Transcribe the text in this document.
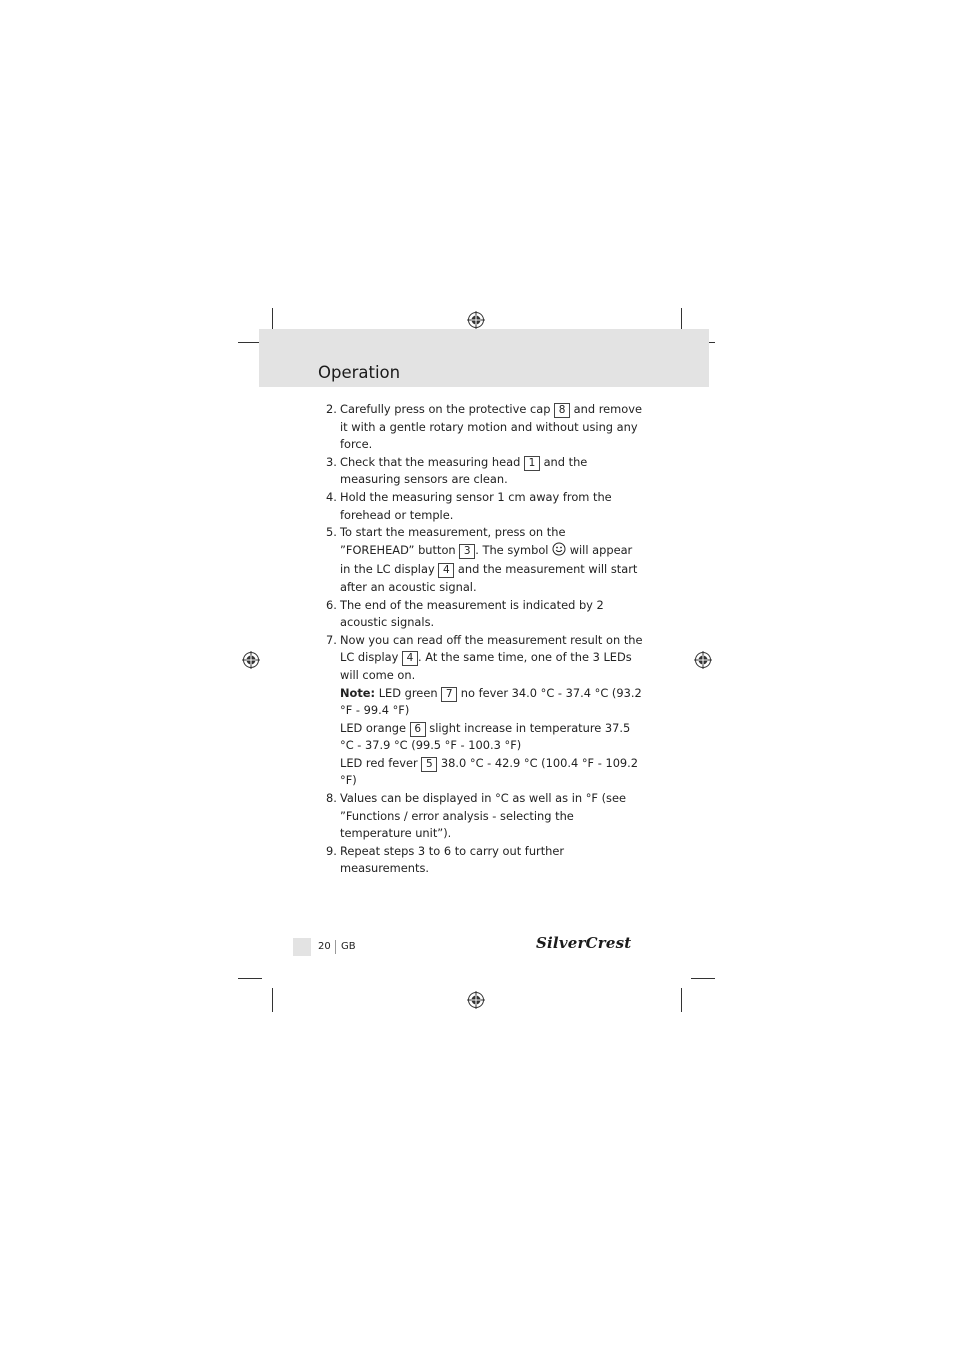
Operation
2. Carefully press on the protective cap 8 and remove it with a gentle rotary motion and without using any force.
3. Check that the measuring head 1 and the measuring sensors are clean.
4. Hold the measuring sensor 1 cm away from the forehead or temple.
5. To start the measurement, press on the ”FOREHEAD” button 3 . The symbol  will appear in the LC display 4 and the measurement will start after an acoustic signal.
6. The end of the measurement is indicated by 2 acoustic signals.
7. Now you can read off the measurement result on the LC display 4 . At the same time, one of the 3 LEDs will come on.
Note: LED green 7 no fever 34.0 °C - 37.4 °C (93.2 °F - 99.4 °F)
LED orange 6 slight increase in temperature 37.5 °C - 37.9 °C (99.5 °F - 100.3 °F)
LED red fever 5 38.0 °C - 42.9 °C (100.4 °F - 109.2 °F)
8. Values can be displayed in °C as well as in °F (see ”Functions / error analysis - selecting the temperature unit”).
9. Repeat steps 3 to 6 to carry out further measurements.
20 GB	SilverCrest
